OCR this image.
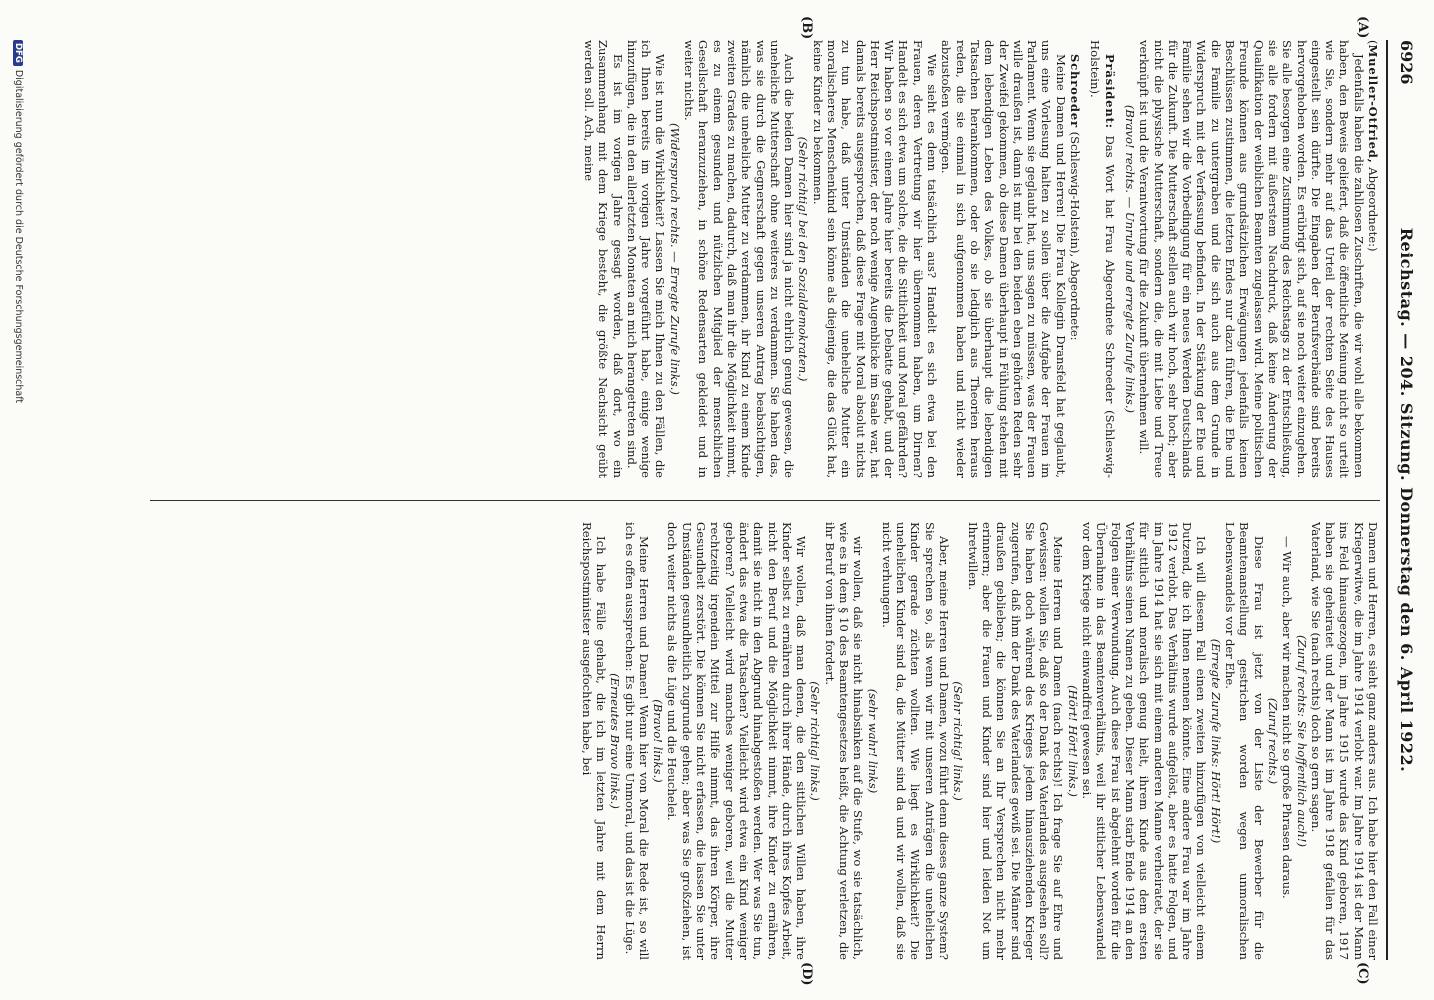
6926
Reichstag. — 204. Sitzung. Donnerstag den 6. April 1922.
(A)
(B)
(C)
(D)

(Mueller-Otfried, Abgeordnete:)

Jedenfalls haben die zahllosen Zuschriften, die wir wohl alle bekommen haben, den Beweis geliefert, daß die öffentliche Meinung nicht so urteilt wie Sie, sondern mehr auf das Urteil der rechten Seite des Hauses eingestellt sein dürfte. Die Eingaben der Berufsverbände sind bereits hervorgehoben worden. Es erübrigt sich, auf sie noch weiter einzugehen. Sie alle besorgen eine Zustimmung des Reichstags zu der Entschließung, sie alle fordern mit äußerstem Nachdruck, daß keine Änderung der Qualifikation der weiblichen Beamten zugelassen wird. Meine politischen Freunde können aus grundsätzlichen Erwägungen jedenfalls keinen Beschlüssen zustimmen, die letzten Endes nur dazu führen, die Ehe und die Familie zu untergraben und die sich auch aus dem Grunde in Widerspruch mit der Verfassung befinden. In der Stärkung der Ehe und Familie sehen wir die Vorbedingung für ein neues Werden Deutschlands für die Zukunft. Die Mutterschaft stellen auch wir hoch, sehr hoch; aber nicht die physische Mutterschaft, sondern die, die mit Liebe und Treue verknüpft ist und die Verantwortung für die Zukunft übernehmen will.

(Bravo! rechts. — Unruhe und erregte Zurufe links.)

Präsident: Das Wort hat Frau Abgeordnete Schroeder (Schleswig-Holstein).

Schroeder (Schleswig-Holstein), Abgeordnete:

Meine Damen und Herren! Die Frau Kollegin Dransfeld hat geglaubt, uns eine Vorlesung halten zu sollen über die Aufgabe der Frauen im Parlament. Wenn sie geglaubt hat, uns sagen zu müssen, was der Frauen wille draußen ist, dann ist mir bei den beiden eben gehörten Reden sehr der Zweifel gekommen, ob diese Damen überhaupt in Fühlung stehen mit dem lebendigen Leben des Volkes, ob sie überhaupt die lebendigen Tatsachen herankommen, oder ob sie lediglich aus Theorien heraus reden, die sie einmal in sich aufgenommen haben und nicht wieder abzustoßen vermögen.

Wie sieht es denn tatsächlich aus? Handelt es sich etwa bei den Frauen, deren Vertretung wir hier übernommen haben, um Dirnen? Handelt es sich etwa um solche, die die Sittlichkeit und Moral gefährden? Wir haben so vor einem Jahre hier bereits die Debatte gehabt, und der Herr Reichspostminister, der noch wenige Augenblicke im Saale war, hat damals bereits ausgesprochen, daß diese Frage mit Moral absolut nichts zu tun habe, daß unter Umständen die uneheliche Mutter ein moralischeres Menschenkind sein könne als diejenige, die das Glück hat, keine Kinder zu bekommen.

(Sehr richtig! bei den Sozialdemokraten.)

Auch die beiden Damen hier sind ja nicht ehrlich genug gewesen, die uneheliche Mutterschaft ohne weiteres zu verdammen. Sie haben das, was sie durch die Gegnerschaft gegen unseren Antrag beabsichtigen, nämlich die uneheliche Mutter zu verdammen, ihr Kind zu einem Kinde zweiten Grades zu machen, dadurch, daß man ihr die Möglichkeit nimmt, es zu einem gesunden und nützlichen Mitglied der menschlichen Gesellschaft heranzuziehen, in schöne Redensarten gekleidet und in weiter nichts.

(Widerspruch rechts. — Erregte Zurufe links.)

Wie ist nun die Wirklichkeit? Lassen Sie mich Ihnen zu den Fällen, die ich Ihnen bereits im vorigen Jahre vorgeführt habe, einige wenige hinzufügen, die in den allerletzten Monaten an mich herangetreten sind.

Es ist im vorigen Jahre gesagt worden, daß dort, wo ein Zusammenhang mit dem Kriege besteht, die größte Nachsicht geübt werden soll. Ach, meine

Damen und Herren, es sieht ganz anders aus. Ich habe hier den Fall einer Kriegerwitwe, die im Jahre 1914 verlobt war. Im Jahre 1914 ist der Mann ins Feld hinausgezogen, im Jahre 1915 wurde das Kind geboren, 1917 haben sie geheiratet und der Mann ist im Jahre 1918 gefallen für das Vaterland, wie Sie (nach rechts) doch so gern sagen.

(Zuruf rechts: Sie hoffentlich auch!)

— Wir auch, aber wir machen nicht so große Phrasen daraus.

(Zuruf rechts.)

Diese Frau ist jetzt von der Liste der Bewerber für die Beamtenanstellung gestrichen worden wegen unmoralischen Lebenswandels vor der Ehe.

(Erregte Zurufe links: Hört! Hört!)

Ich will diesem Fall einen zweiten hinzufügen von vielleicht einem Dutzend, die ich Ihnen nennen könnte. Eine andere Frau war im Jahre 1912 verlobt. Das Verhältnis wurde aufgelöst, aber es hatte Folgen, und im Jahre 1914 hat sie sich mit einem anderen Manne verheiratet, der sie für sittlich und moralisch genug hielt, ihrem Kinde aus dem ersten Verhältnis seinen Namen zu geben. Dieser Mann starb Ende 1914 an den Folgen einer Verwundung. Auch diese Frau ist abgelehnt worden für die Übernahme in das Beamtenverhältnis, weil ihr sittlicher Lebenswandel vor dem Kriege nicht einwandfrei gewesen sei.

(Hört! Hört! links.)

Meine Herren und Damen (nach rechts)! Ich frage Sie auf Ehre und Gewissen: wollen Sie, daß so der Dank des Vaterlandes ausgesehen soll? Sie haben doch während des Krieges jedem hinausziehenden Krieger zugerufen, daß ihm der Dank des Vaterlandes gewiß sei. Die Männer sind draußen geblieben; die können Sie an Ihr Versprechen nicht mehr erinnern; aber die Frauen und Kinder sind hier und leiden Not um Ihretwillen.

(Sehr richtig! links.)

Aber, meine Herren und Damen, wozu führt denn dieses ganze System? Sie sprechen so, als wenn wir mit unseren Anträgen die unehelichen Kinder gerade züchten wollten. Wie liegt es Wirklichkeit? Die unehelichen Kinder sind da, die Mütter sind da und wir wollen, daß sie nicht verhungern.

(sehr wahr! links)

wir wollen, daß sie nicht hinabsinken auf die Stufe, wo sie tatsächlich, wie es in dem § 10 des Beamtengesetzes heißt, die Achtung verletzen, die ihr Beruf von ihnen fordert.

(Sehr richtig! links.)

Wir wollen, daß man denen, die den sittlichen Willen haben, ihre Kinder selbst zu ernähren durch ihrer Hände, durch ihres Kopfes Arbeit, nicht den Beruf und die Möglichkeit nimmt, ihre Kinder zu ernähren, damit sie nicht in den Abgrund hinabgestoßen werden. Wer was Sie tun, ändert das etwa die Tatsachen? Vielleicht wird etwa ein Kind weniger geboren? Vielleicht wird manches weniger geboren, weil die Mutter rechtzeitig irgendein Mittel zur Hilfe nimmt, das ihren Körper, ihre Gesundheit zerstört. Die können Sie nicht erfassen, die lassen Sie unter Umständen gesundheitlich zugrunde gehen; aber was Sie großziehen, ist doch weiter nichts als die Lüge und die Heuchelei.

(Bravo! links.)

Meine Herren und Damen! Wenn hier von Moral die Rede ist, so will ich es offen aussprechen: Es gibt nur eine Unmoral, und das ist die Lüge.

(Erneutes Bravo links.)

Ich habe Fälle gehabt, die ich im letzten Jahre mit dem Herrn Reichspostminister ausgefochten habe, bei

DFGDigitalisierung gefördert durch die Deutsche Forschungsgemeinschaft
